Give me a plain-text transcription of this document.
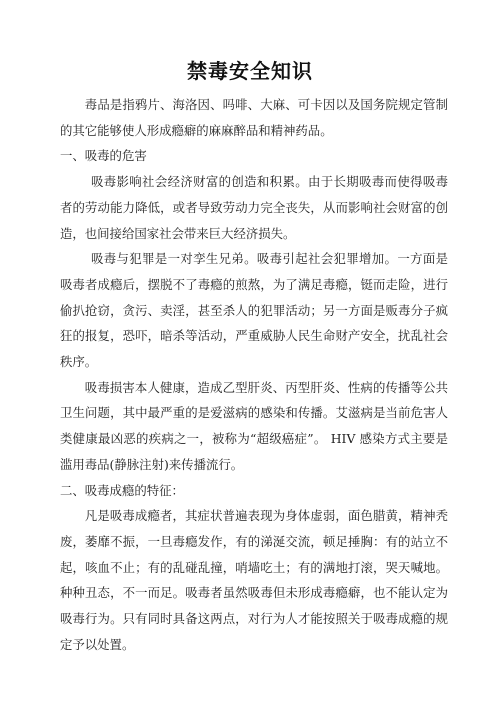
禁毒安全知识

毒品是指鸦片、海洛因、吗啡、大麻、可卡因以及国务院规定管制的其它能够使人形成瘾癖的麻麻醉品和精神药品。

一、吸毒的危害

吸毒影响社会经济财富的创造和积累。由于长期吸毒而使得吸毒者的劳动能力降低，或者导致劳动力完全丧失，从而影响社会财富的创造，也间接给国家社会带来巨大经济损失。

吸毒与犯罪是一对孪生兄弟。吸毒引起社会犯罪增加。一方面是吸毒者成瘾后，摆脱不了毒瘾的煎熬，为了满足毒瘾，铤而走险，进行偷扒抢窃，贪污、卖淫，甚至杀人的犯罪活动；另一方面是贩毒分子疯狂的报复，恐吓，暗杀等活动，严重威胁人民生命财产安全，扰乱社会秩序。

吸毒损害本人健康，造成乙型肝炎、丙型肝炎、性病的传播等公共卫生问题，其中最严重的是爱滋病的感染和传播。艾滋病是当前危害人类健康最凶恶的疾病之一，被称为“超级癌症”。 HIV 感染方式主要是滥用毒品(静脉注射)来传播流行。

二、吸毒成瘾的特征：

凡是吸毒成瘾者，其症状普遍表现为身体虚弱，面色腊黄，精神秃废，萎靡不振，一旦毒瘾发作，有的涕涎交流，顿足捶胸：有的站立不起，咳血不止；有的乱碰乱撞，哨墙吃土；有的满地打滚，哭天喊地。种种丑态，不一而足。吸毒者虽然吸毒但未形成毒瘾癖，也不能认定为吸毒行为。只有同时具备这两点，对行为人才能按照关于吸毒成瘾的规定予以处置。
